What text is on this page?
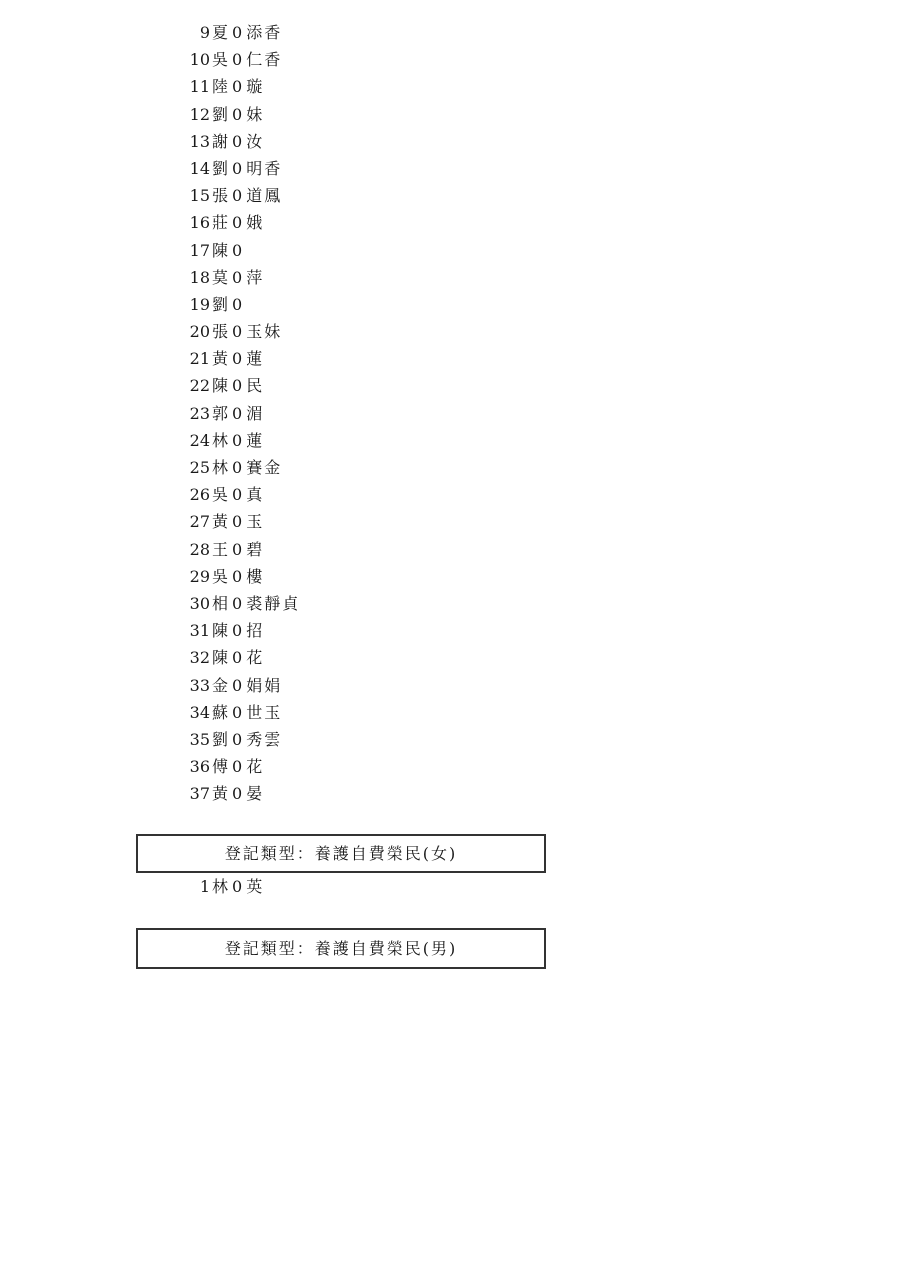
9 夏 0 添香
10 吳 0 仁香
11 陸 0 璇
12 劉 0 妹
13 謝 0 汝
14 劉 0 明香
15 張 0 道鳳
16 莊 0 娥
17 陳 0
18 莫 0 萍
19 劉 0
20 張 0 玉妹
21 黃 0 蓮
22 陳 0 民
23 郭 0 湄
24 林 0 蓮
25 林 0 賽金
26 吳 0 真
27 黃 0 玉
28 王 0 碧
29 吳 0 樓
30 相 0 裘靜貞
31 陳 0 招
32 陳 0 花
33 金 0 娟娟
34 蘇 0 世玉
35 劉 0 秀雲
36 傅 0 花
37 黃 0 晏
登記類型：養護自費榮民(女)
1 林 0 英
登記類型：養護自費榮民(男)
